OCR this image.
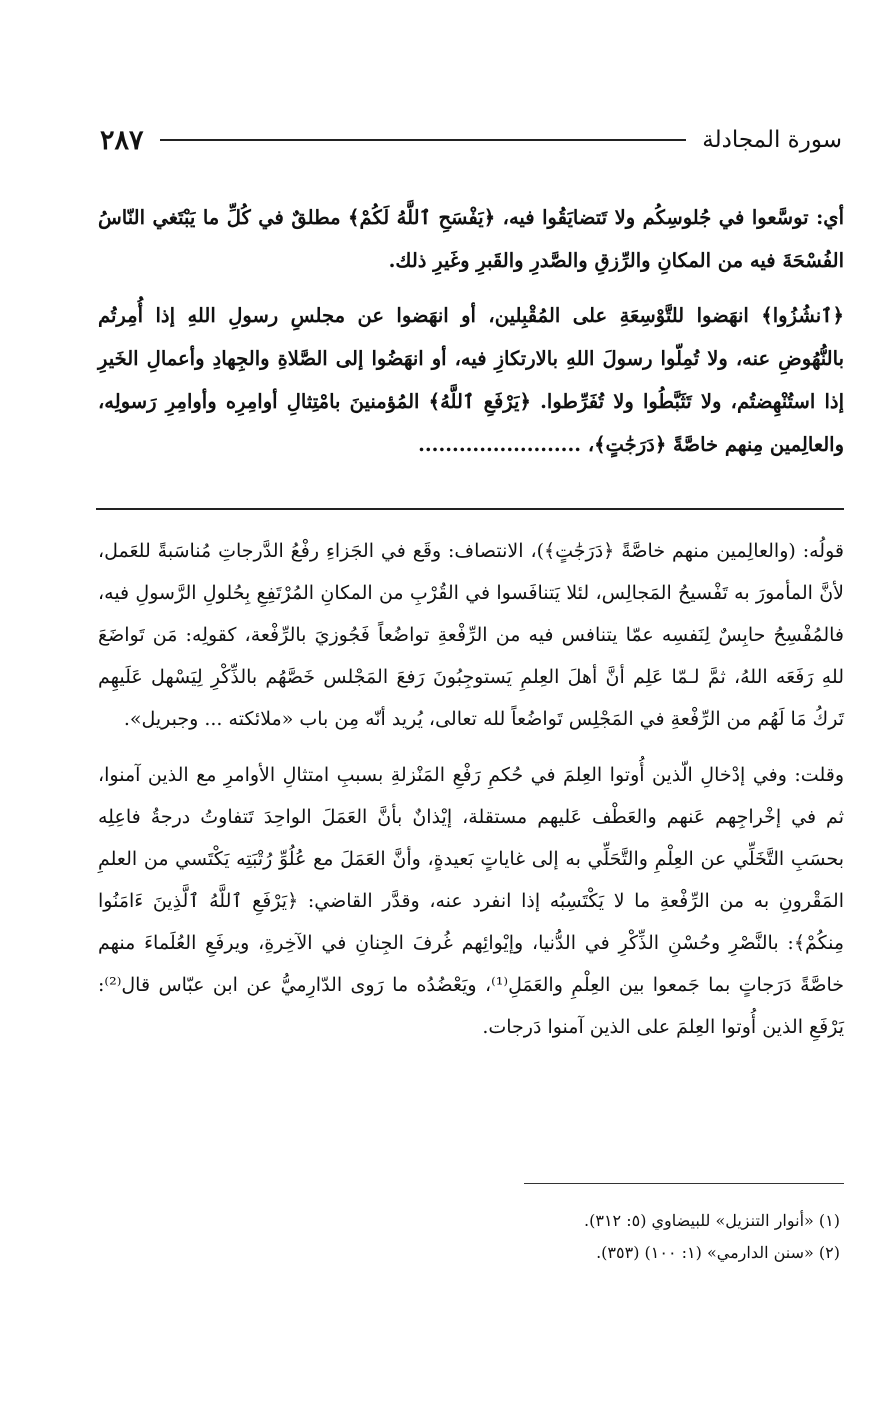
سورة المجادلة
٢٨٧

أي: توسَّعوا في جُلوسِكُم ولا تَتضايَقُوا فيه، ﴿يَفْسَحِ ٱللَّهُ لَكُمْ﴾ مطلقٌ في كُلِّ ما يَبْتَغي النّاسُ الفُسْحَةَ فيه من المكانِ والرِّزقِ والصَّدرِ والقَبرِ وغَيرِ ذلك.

﴿ٱنشُزُوا﴾ انهَضوا للتَّوْسِعَةِ على المُقْبِلين، أو انهَضوا عن مجلسِ رسولِ اللهِ إذا أُمِرتُم بالنُّهُوضِ عنه، ولا تُمِلّوا رسولَ اللهِ بالارتكازِ فيه، أو انهَضُوا إلى الصَّلاةِ والجِهادِ وأعمالِ الخَيرِ إذا استُنْهِضتُم، ولا تَثَبَّطُوا ولا تُفَرِّطوا. ﴿يَرْفَعِ ٱللَّهُ﴾ المُؤمنينَ بامْتِثالِ أوامِرِه وأوامِرِ رَسولِه، والعالِمين مِنهم خاصَّةً ﴿دَرَجَٰتٍ﴾، ........................

قولُه: (والعالِمين منهم خاصَّةً ﴿دَرَجَٰتٍ﴾)، الانتصاف: وقَع في الجَزاءِ رفْعُ الدَّرجاتِ مُناسَبةً للعَمل، لأنَّ المأمورَ به تَفْسيحُ المَجالِس، لئلا يَتنافَسوا في القُرْبِ من المكانِ المُرْتَفِعِ بِحُلولِ الرَّسولِ فيه، فالمُفْسِحُ حابِسٌ لِنَفسِه عمّا يتنافس فيه من الرِّفْعةِ تواضُعاً فَجُوزيَ بالرِّفْعة، كقولِه: مَن تَواضَعَ للهِ رَفَعَه اللهُ، ثمَّ لـمّا عَلِم أنَّ أهلَ العِلمِ يَستوجِبُونَ رَفعَ المَجْلس خَصَّهُم بالذِّكْرِ لِيَسْهل عَلَيهِم تَركُ مَا لَهُم من الرِّفْعةِ في المَجْلِس تَواضُعاً لله تعالى، يُريد أنّه مِن باب «ملائكته ... وجبريل».

وقلت: وفي إدْخالِ الّذين أُوتوا العِلمَ في حُكمِ رَفْعِ المَنْزلةِ بسببِ امتثالِ الأوامرِ مع الذين آمنوا، ثم في إخْراجِهم عَنهم والعَطْف عَليهم مستقلة، إيْذانٌ بأنَّ العَمَلَ الواحِدَ تَتفاوتُ درجةُ فاعِلِه بحسَبِ التَّخَلِّي عن العِلْمِ والتَّحَلِّي به إلى غاياتٍ بَعيدةٍ، وأنَّ العَمَلَ مع عُلُوِّ رُتْبَتِه يَكْتَسي من العلمِ المَقْرونِ به من الرِّفْعةِ ما لا يَكْتَسِبُه إذا انفرد عنه، وقدَّر القاضي: ﴿يَرْفَعِ ٱللَّهُ ٱلَّذِينَ ءَامَنُوا مِنكُمْ﴾: بالنَّصْرِ وحُسْنِ الذِّكْرِ في الدُّنيا، وإيْوائِهم غُرفَ الجِنانِ في الآخِرةِ، ويرفَعِ العُلَماءَ منهم خاصَّةً دَرَجاتٍ بما جَمعوا بين العِلْمِ والعَمَلِ⁽¹⁾، ويَعْضُدُه ما رَوى الدّارِميُّ عن ابن عبّاس قال⁽²⁾: يَرْفَعِ الذين أُوتوا العِلمَ على الذين آمنوا دَرجات.

(١) «أنوار التنزيل» للبيضاوي (٥: ٣١٢).

(٢) «سنن الدارمي» (١: ١٠٠) (٣٥٣).
